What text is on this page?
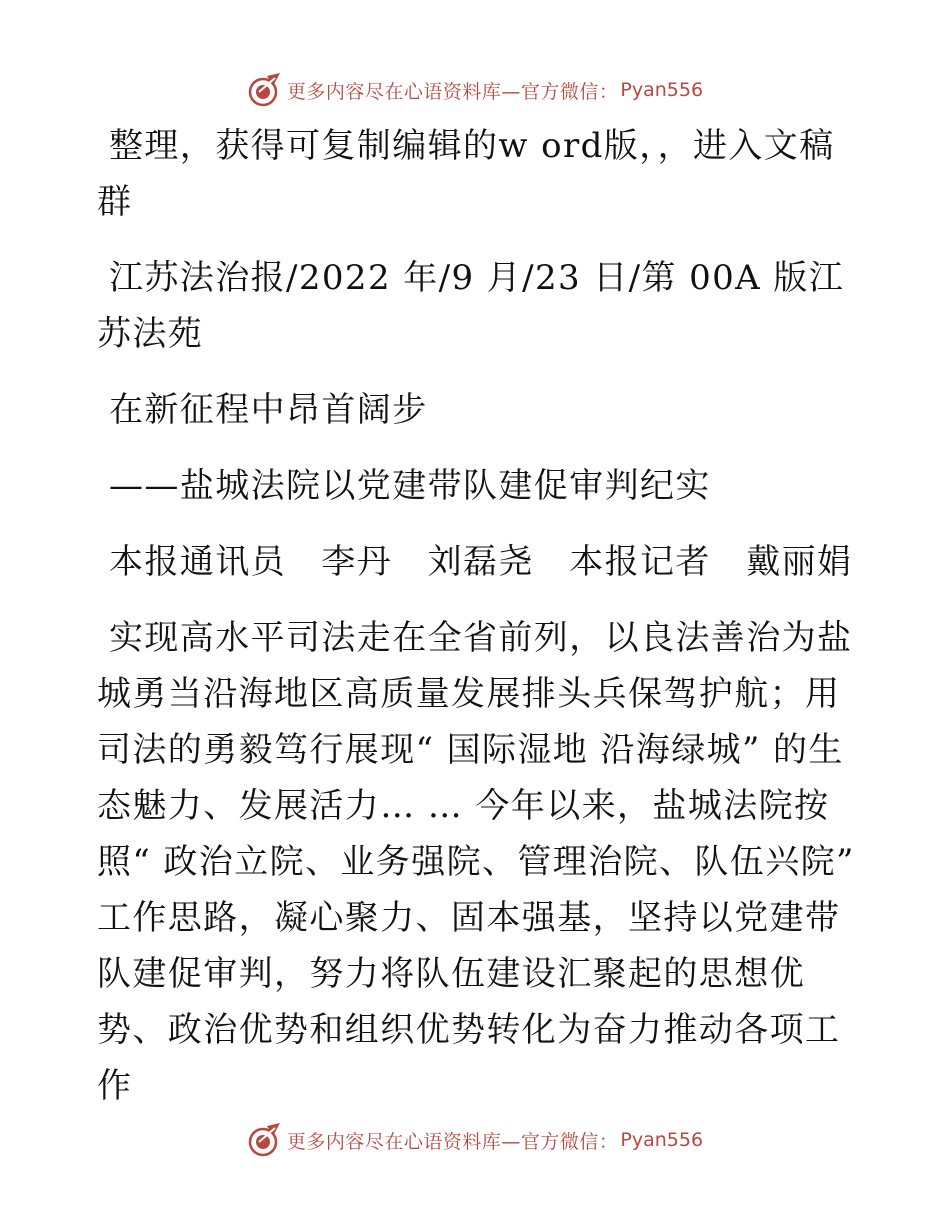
更多内容尽在心语资料库—官方微信： Pyan556

整理，获得可复制编辑的w ord版，，进入文稿群

江苏法治报/2022 年/9 月/23 日/第 00A 版江苏法苑

在新征程中昂首阔步

——盐城法院以党建带队建促审判纪实

本报通讯员　李丹　刘磊尧　本报记者　戴丽娟

实现高水平司法走在全省前列，以良法善治为盐城勇当沿海地区高质量发展排头兵保驾护航；用司法的勇毅笃行展现“ 国际湿地 沿海绿城” 的生态魅力、发展活力… … 今年以来，盐城法院按照“ 政治立院、业务强院、管理治院、队伍兴院” 工作思路，凝心聚力、固本强基，坚持以党建带队建促审判，努力将队伍建设汇聚起的思想优势、政治优势和组织优势转化为奋力推动各项工作

更多内容尽在心语资料库—官方微信： Pyan556
